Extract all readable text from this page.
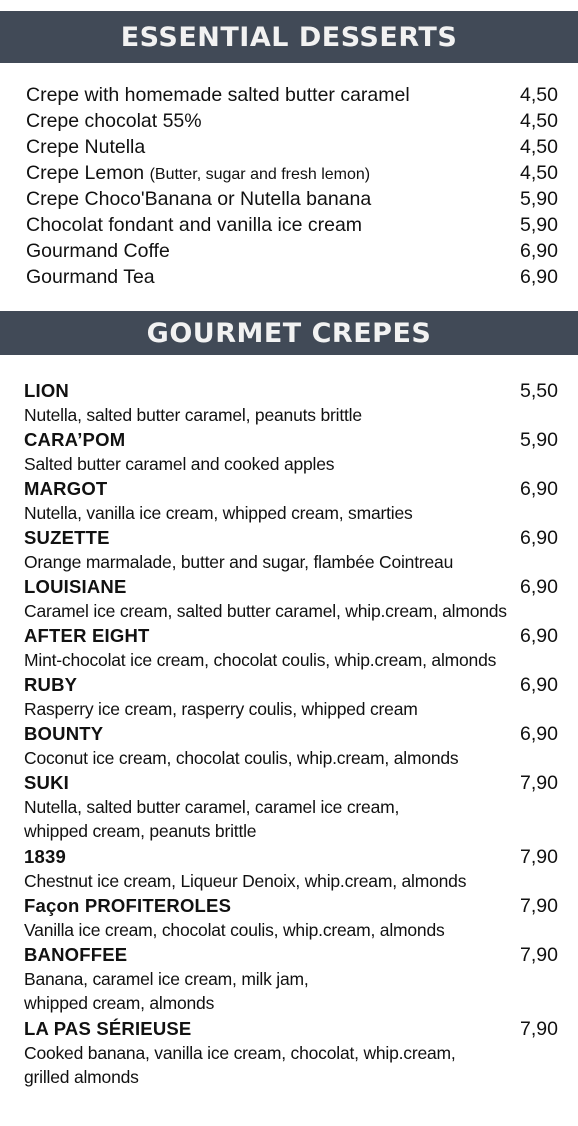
ESSENTIAL DESSERTS
Crepe with homemade salted butter caramel	4,50
Crepe chocolat 55%	4,50
Crepe Nutella	4,50
Crepe Lemon (Butter, sugar and fresh lemon)	4,50
Crepe Choco'Banana or Nutella banana	5,90
Chocolat fondant and vanilla ice cream	5,90
Gourmand Coffe	6,90
Gourmand Tea	6,90
GOURMET CREPES
LION	5,50
Nutella, salted butter caramel, peanuts brittle
CARA’POM	5,90
Salted butter caramel and cooked apples
MARGOT	6,90
Nutella, vanilla ice cream, whipped cream, smarties
SUZETTE	6,90
Orange marmalade, butter and sugar, flambée Cointreau
LOUISIANE	6,90
Caramel ice cream, salted butter caramel, whip.cream, almonds
AFTER EIGHT	6,90
Mint-chocolat ice cream, chocolat coulis, whip.cream, almonds
RUBY	6,90
Rasperry ice cream, rasperry coulis, whipped cream
BOUNTY	6,90
Coconut ice cream, chocolat coulis, whip.cream, almonds
SUKI	7,90
Nutella, salted butter caramel, caramel ice cream,
whipped cream, peanuts brittle
1839	7,90
Chestnut ice cream, Liqueur Denoix, whip.cream, almonds
Façon PROFITEROLES	7,90
Vanilla ice cream, chocolat coulis, whip.cream, almonds
BANOFFEE	7,90
Banana, caramel ice cream, milk jam,
whipped cream, almonds
LA PAS SÉRIEUSE	7,90
Cooked banana, vanilla ice cream, chocolat, whip.cream,
grilled almonds
